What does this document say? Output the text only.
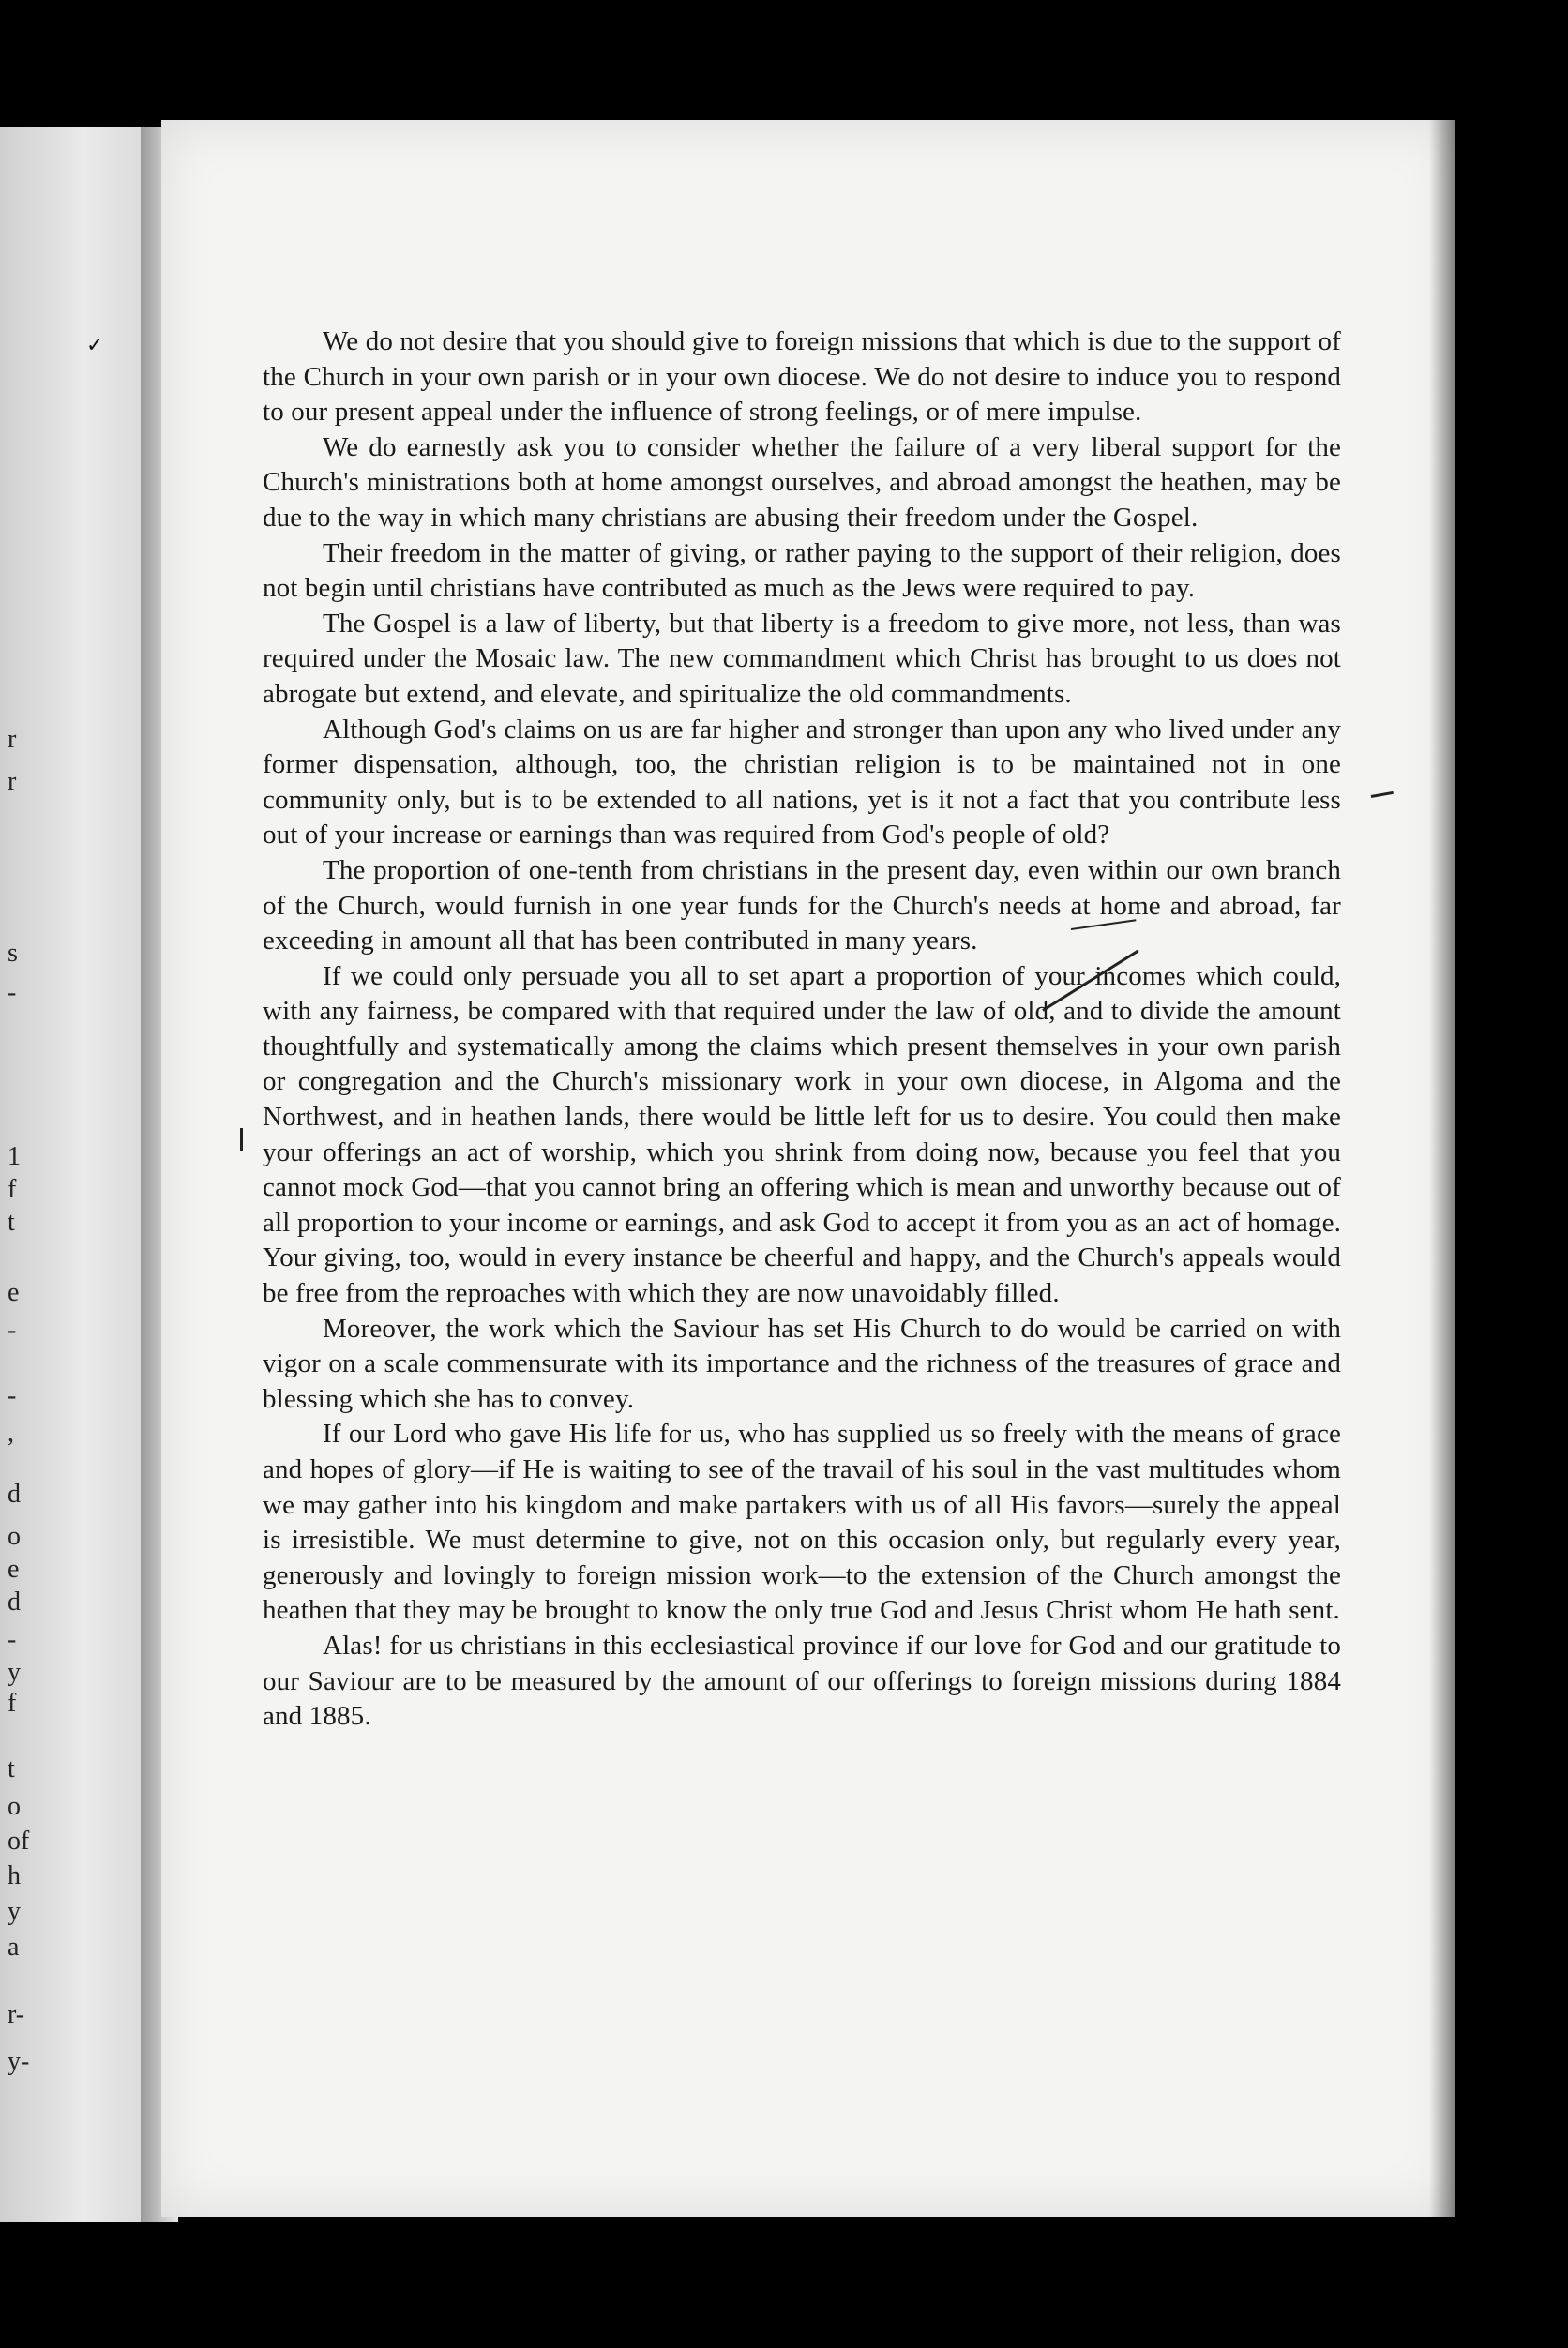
r
r
s
-
1
f
t
e
-
-
,
d
o
e
d
-
y
f
t
o
of
h
y
a
r-
y-

We do not desire that you should give to foreign missions that which is due to the support of the Church in your own parish or in your own diocese. We do not desire to induce you to respond to our present appeal under the influence of strong feelings, or of mere impulse.

We do earnestly ask you to consider whether the failure of a very liberal support for the Church's ministrations both at home amongst ourselves, and abroad amongst the heathen, may be due to the way in which many christians are abusing their freedom under the Gospel.

Their freedom in the matter of giving, or rather paying to the support of their religion, does not begin until christians have contributed as much as the Jews were required to pay.

The Gospel is a law of liberty, but that liberty is a freedom to give more, not less, than was required under the Mosaic law. The new commandment which Christ has brought to us does not abrogate but extend, and elevate, and spiritualize the old commandments.

Although God's claims on us are far higher and stronger than upon any who lived under any former dispensation, although, too, the christian religion is to be maintained not in one community only, but is to be extended to all nations, yet is it not a fact that you contribute less out of your increase or earnings than was required from God's people of old?

The proportion of one-tenth from christians in the present day, even within our own branch of the Church, would furnish in one year funds for the Church's needs at home and abroad, far exceeding in amount all that has been contributed in many years.

If we could only persuade you all to set apart a proportion of your incomes which could, with any fairness, be compared with that required under the law of old, and to divide the amount thoughtfully and systematically among the claims which present themselves in your own parish or congregation and the Church's missionary work in your own diocese, in Algoma and the Northwest, and in heathen lands, there would be little left for us to desire. You could then make your offerings an act of worship, which you shrink from doing now, because you feel that you cannot mock God—that you cannot bring an offering which is mean and unworthy because out of all proportion to your income or earnings, and ask God to accept it from you as an act of homage. Your giving, too, would in every instance be cheerful and happy, and the Church's appeals would be free from the reproaches with which they are now unavoidably filled.

Moreover, the work which the Saviour has set His Church to do would be carried on with vigor on a scale commensurate with its importance and the richness of the treasures of grace and blessing which she has to convey.

If our Lord who gave His life for us, who has supplied us so freely with the means of grace and hopes of glory—if He is waiting to see of the travail of his soul in the vast multitudes whom we may gather into his kingdom and make partakers with us of all His favors—surely the appeal is irresistible. We must determine to give, not on this occasion only, but regularly every year, generously and lovingly to foreign mission work—to the extension of the Church amongst the heathen that they may be brought to know the only true God and Jesus Christ whom He hath sent.

Alas! for us christians in this ecclesiastical province if our love for God and our gratitude to our Saviour are to be measured by the amount of our offerings to foreign missions during 1884 and 1885.

✓
